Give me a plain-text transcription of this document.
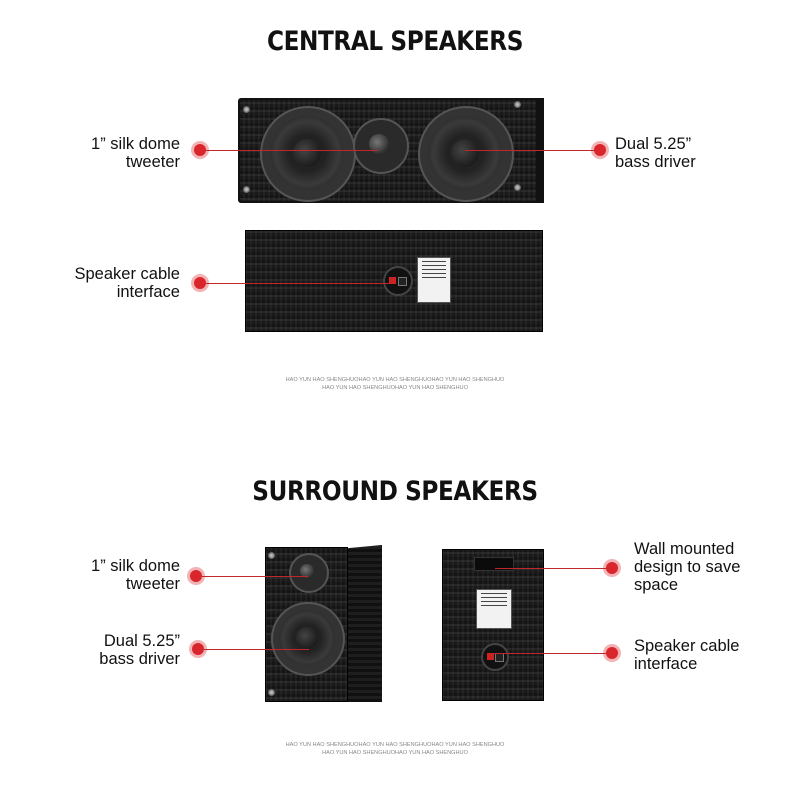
CENTRAL SPEAKERS
1” silk dome
tweeter
Dual 5.25”
bass driver
Speaker cable
interface
HAO YUN HAO SHENGHUOHAO YUN HAO SHENGHUOHAO YUN HAO SHENGHUO
HAO YUN HAO SHENGHUOHAO YUN HAO SHENGHUO
SURROUND SPEAKERS
1” silk dome
tweeter
Dual 5.25”
bass driver
Wall mounted
design to save
space
Speaker cable
interface
HAO YUN HAO SHENGHUOHAO YUN HAO SHENGHUOHAO YUN HAO SHENGHUO
HAO YUN HAO SHENGHUOHAO YUN HAO SHENGHUO
